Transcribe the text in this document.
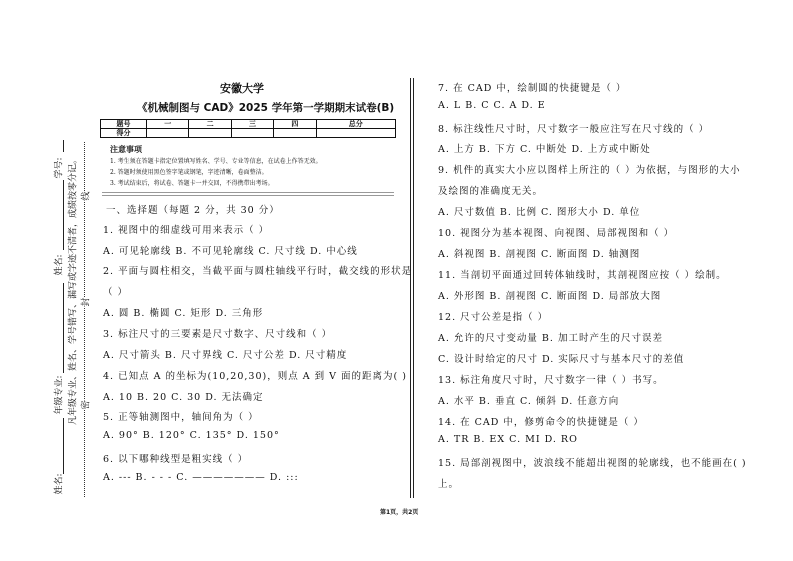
安徽大学
《机械制图与 CAD》2025 学年第一学期期末试卷(B)
题号	一	二	三	四	总分
得分					
注意事项
1. 考生须在答题卡指定位置填写姓名、学号、专业等信息，在试卷上作答无效。
2. 答题时须使用黑色签字笔或钢笔，字迹清晰，卷面整洁。
3. 考试结束后，将试卷、答题卡一并交回，不得携带出考场。
一、选择题（每题 2 分，共 30 分）
学号:
姓名:
年级专业:
姓名:
凡年级专业、姓名、学号错写、漏写或字迹不清者，成绩按零分记。 线
封
密
1. 视图中的细虚线可用来表示（ ）
A. 可见轮廓线 B. 不可见轮廓线 C. 尺寸线 D. 中心线
2. 平面与圆柱相交，当截平面与圆柱轴线平行时，截交线的形状是
（ ）
A. 圆 B. 椭圆 C. 矩形 D. 三角形
3. 标注尺寸的三要素是尺寸数字、尺寸线和（ ）
A. 尺寸箭头 B. 尺寸界线 C. 尺寸公差 D. 尺寸精度
4. 已知点 A 的坐标为(10,20,30)，则点 A 到 V 面的距离为( )
A. 10 B. 20 C. 30 D. 无法确定
5. 正等轴测图中，轴间角为（ ）
A. 90° B. 120° C. 135° D. 150°
6. 以下哪种线型是粗实线（ ）
A. --- B. - - - C. ——————— D. :::
7. 在 CAD 中，绘制圆的快捷键是（ ）
A. L B. C C. A D. E
8. 标注线性尺寸时，尺寸数字一般应注写在尺寸线的（ ）
A. 上方 B. 下方 C. 中断处 D. 上方或中断处
9. 机件的真实大小应以图样上所注的（ ）为依据，与图形的大小
及绘图的准确度无关。
A. 尺寸数值 B. 比例 C. 图形大小 D. 单位
10. 视图分为基本视图、向视图、局部视图和（ ）
A. 斜视图 B. 剖视图 C. 断面图 D. 轴测图
11. 当剖切平面通过回转体轴线时，其剖视图应按（ ）绘制。
A. 外形图 B. 剖视图 C. 断面图 D. 局部放大图
12. 尺寸公差是指（ ）
A. 允许的尺寸变动量 B. 加工时产生的尺寸误差
C. 设计时给定的尺寸 D. 实际尺寸与基本尺寸的差值
13. 标注角度尺寸时，尺寸数字一律（ ）书写。
A. 水平 B. 垂直 C. 倾斜 D. 任意方向
14. 在 CAD 中，修剪命令的快捷键是（ ）
A. TR B. EX C. MI D. RO
15. 局部剖视图中，波浪线不能超出视图的轮廓线，也不能画在( )
上。
第1页，共2页
